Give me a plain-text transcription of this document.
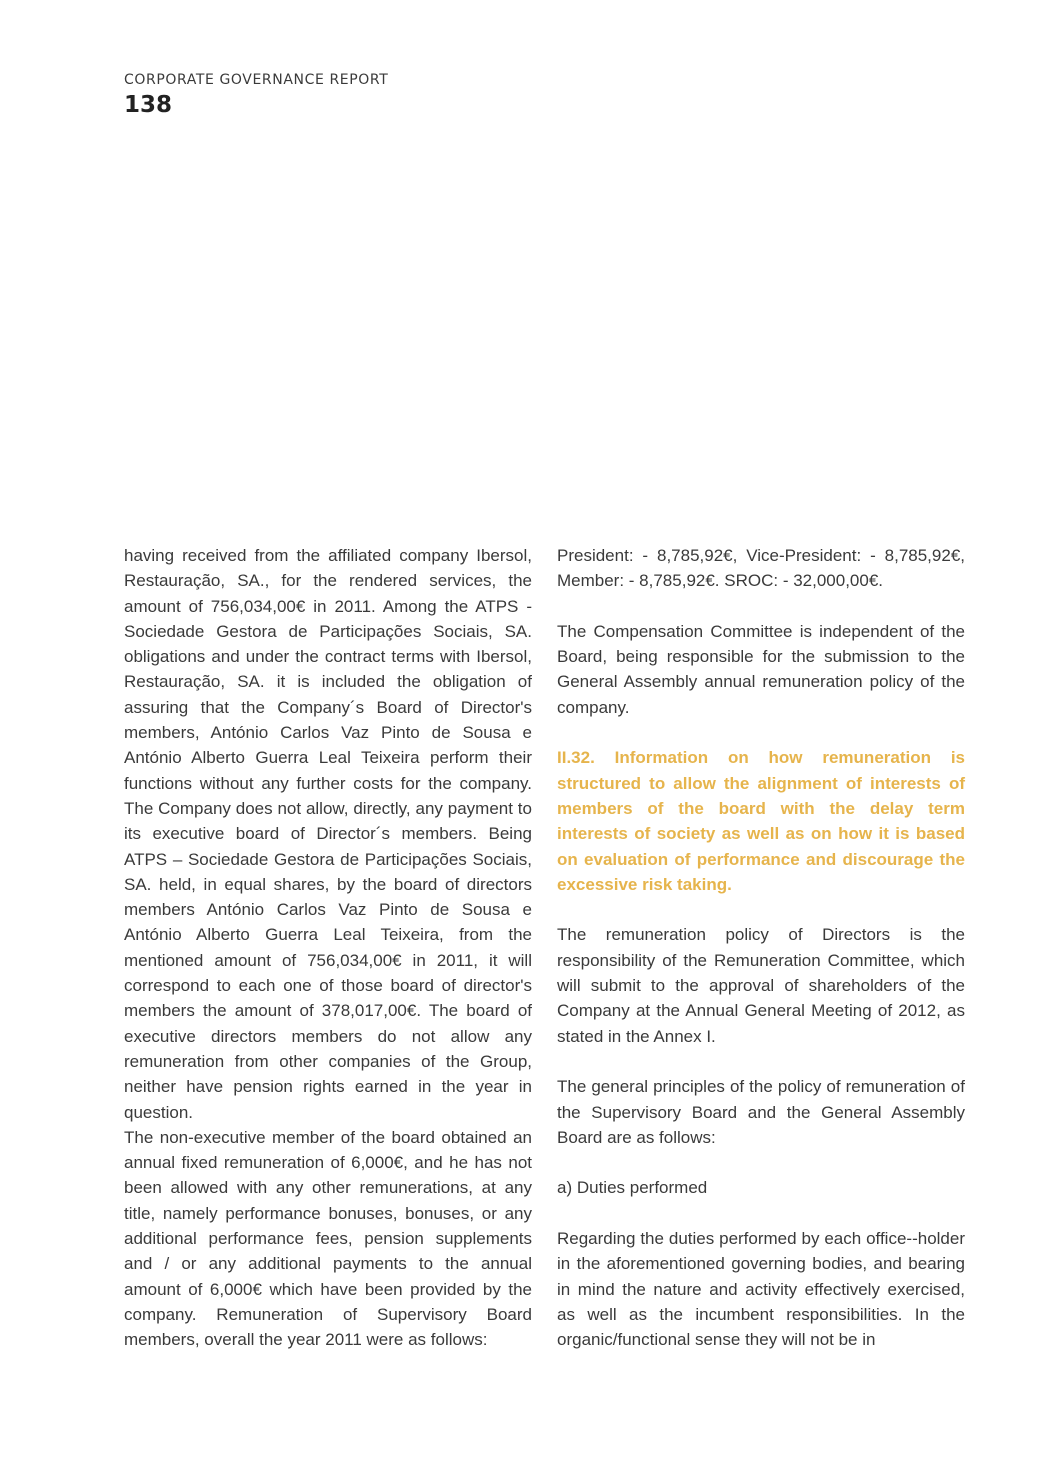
CORPORATE GOVERNANCE REPORT
138

having received from the affiliated company Ibersol, Restauração, SA., for the rendered services, the amount of 756,034,00€ in 2011. Among the ATPS - Sociedade Gestora de Participações Sociais, SA. obligations and under the contract terms with Ibersol, Restauração, SA. it is included the obligation of assuring that the Company´s Board of Director's members, António Carlos Vaz Pinto de Sousa e António Alberto Guerra Leal Teixeira perform their functions without any further costs for the company. The Company does not allow, directly, any payment to its executive board of Director´s members. Being ATPS – Sociedade Gestora de Participações Sociais, SA. held, in equal shares, by the board of directors members António Carlos Vaz Pinto de Sousa e António Alberto Guerra Leal Teixeira, from the mentioned amount of 756,034,00€ in 2011, it will correspond to each one of those board of director's members the amount of 378,017,00€. The board of executive directors members do not allow any remuneration from other companies of the Group, neither have pension rights earned in the year in question.

The non-executive member of the board obtained an annual fixed remuneration of 6,000€, and he has not been allowed with any other remunerations, at any title, namely performance bonuses, bonuses, or any additional performance fees, pension supplements and / or any additional payments to the annual amount of 6,000€ which have been provided by the company. Remuneration of Supervisory Board members, overall the year 2011 were as follows:

President: - 8,785,92€, Vice-President: - 8,785,92€, Member: - 8,785,92€. SROC: - 32,000,00€.

The Compensation Committee is independent of the Board, being responsible for the submission to the General Assembly annual remuneration policy of the company.

II.32. Information on how remuneration is structured to allow the alignment of interests of members of the board with the delay term interests of society as well as on how it is based on evaluation of performance and discourage the excessive risk taking.

The remuneration policy of Directors is the responsibility of the Remuneration Committee, which will submit to the approval of shareholders of the Company at the Annual General Meeting of 2012, as stated in the Annex I.

The general principles of the policy of remuneration of the Supervisory Board and the General Assembly Board are as follows:

a) Duties performed

Regarding the duties performed by each office--holder in the aforementioned governing bodies, and bearing in mind the nature and activity effectively exercised, as well as the incumbent responsibilities. In the organic/functional sense they will not be in
